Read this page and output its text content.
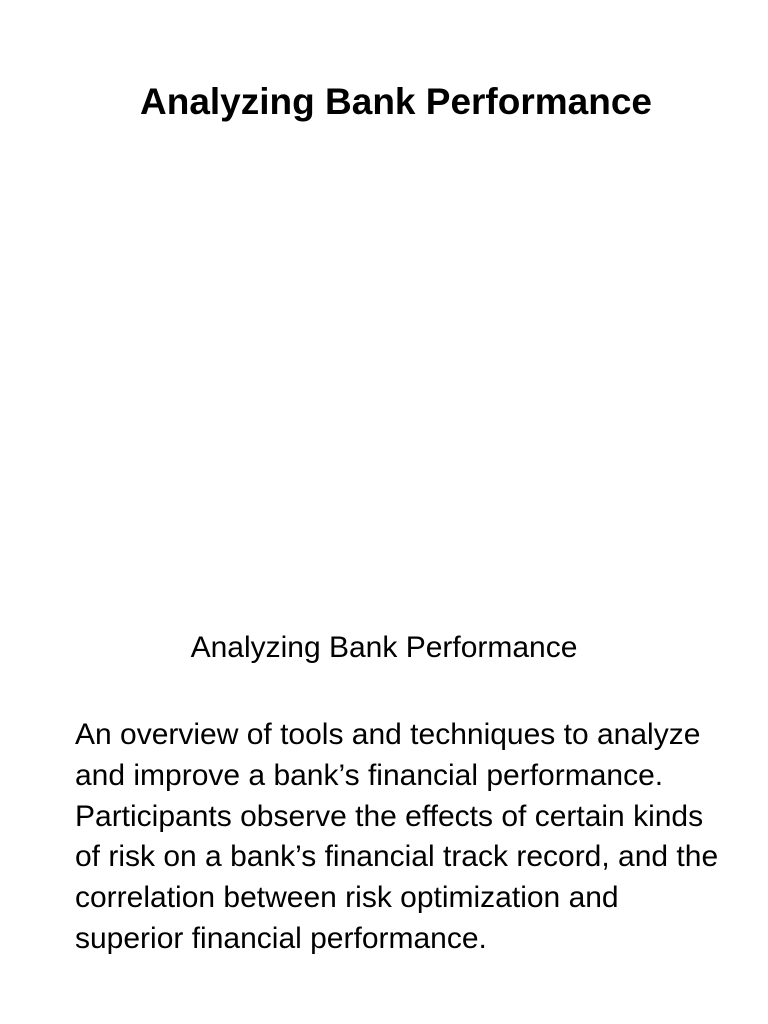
Analyzing Bank Performance

Analyzing Bank Performance

An overview of tools and techniques to analyze and improve a bank’s financial performance. Participants observe the effects of certain kinds of risk on a bank’s financial track record, and the correlation between risk optimization and superior financial performance.
